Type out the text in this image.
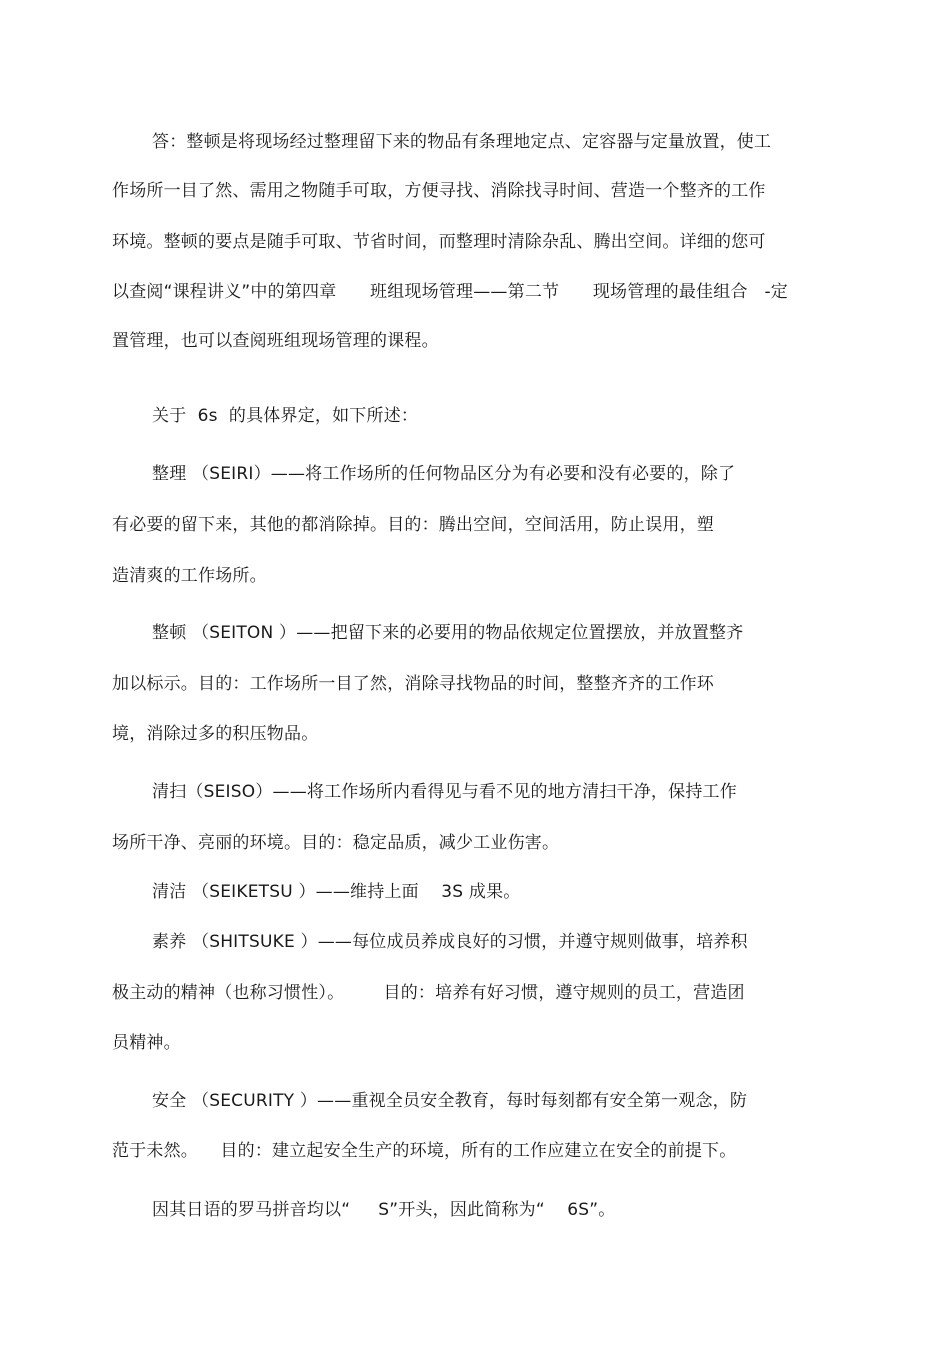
答：整顿是将现场经过整理留下来的物品有条理地定点、定容器与定量放置，使工
作场所一目了然、需用之物随手可取，方便寻找、消除找寻时间、营造一个整齐的工作
环境。整顿的要点是随手可取、节省时间，而整理时清除杂乱、腾出空间。详细的您可
以查阅“课程讲义”中的第四章      班组现场管理——第二节      现场管理的最佳组合   -定
置管理，也可以查阅班组现场管理的课程。
关于  6s  的具体界定，如下所述：
整理 （SEIRI）——将工作场所的任何物品区分为有必要和没有必要的，除了
有必要的留下来，其他的都消除掉。目的：腾出空间，空间活用，防止误用，塑
造清爽的工作场所。
整顿 （SEITON ）——把留下来的必要用的物品依规定位置摆放，并放置整齐
加以标示。目的：工作场所一目了然，消除寻找物品的时间，整整齐齐的工作环
境，消除过多的积压物品。
清扫（SEISO）——将工作场所内看得见与看不见的地方清扫干净，保持工作
场所干净、亮丽的环境。目的：稳定品质，减少工业伤害。
清洁 （SEIKETSU ）——维持上面    3S 成果。
素养 （SHITSUKE ）——每位成员养成良好的习惯，并遵守规则做事，培养积
极主动的精神（也称习惯性）。       目的：培养有好习惯，遵守规则的员工，营造团
员精神。
安全 （SECURITY ）——重视全员安全教育，每时每刻都有安全第一观念，防
范于未然。    目的：建立起安全生产的环境，所有的工作应建立在安全的前提下。
因其日语的罗马拼音均以“     S”开头，因此简称为“    6S”。
